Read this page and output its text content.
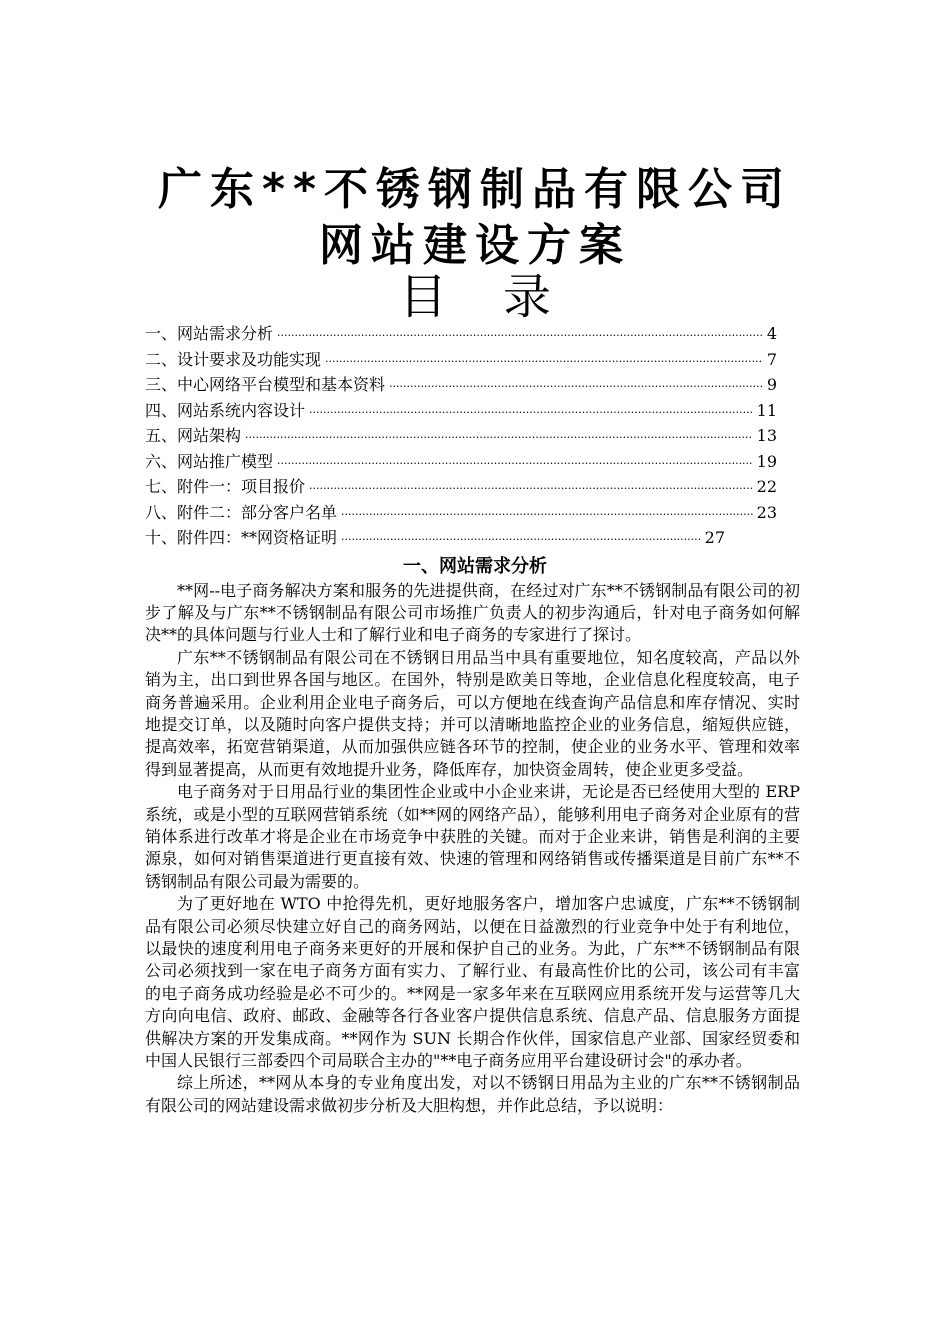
广东**不锈钢制品有限公司
网站建设方案
目录
一、网站需求分析 ·····	4
二、设计要求及功能实现 ·····	7
三、中心网络平台模型和基本资料 ·····	9
四、网站系统内容设计 ·····	11
五、网站架构 ·····	13
六、网站推广模型 ·····	19
七、附件一：项目报价 ·····	22
八、附件二：部分客户名单 ·····	23
十、附件四：**网资格证明 ·····	27
一、网站需求分析

**网--电子商务解决方案和服务的先进提供商，在经过对广东**不锈钢制品有限公司的初步了解及与广东**不锈钢制品有限公司市场推广负责人的初步沟通后，针对电子商务如何解决**的具体问题与行业人士和了解行业和电子商务的专家进行了探讨。

广东**不锈钢制品有限公司在不锈钢日用品当中具有重要地位，知名度较高，产品以外销为主，出口到世界各国与地区。在国外，特别是欧美日等地，企业信息化程度较高，电子商务普遍采用。企业利用企业电子商务后，可以方便地在线查询产品信息和库存情况、实时地提交订单，以及随时向客户提供支持；并可以清晰地监控企业的业务信息，缩短供应链，提高效率，拓宽营销渠道，从而加强供应链各环节的控制，使企业的业务水平、管理和效率得到显著提高，从而更有效地提升业务，降低库存，加快资金周转，使企业更多受益。

电子商务对于日用品行业的集团性企业或中小企业来讲，无论是否已经使用大型的 ERP 系统，或是小型的互联网营销系统（如**网的网络产品），能够利用电子商务对企业原有的营销体系进行改革才将是企业在市场竞争中获胜的关键。而对于企业来讲，销售是利润的主要源泉，如何对销售渠道进行更直接有效、快速的管理和网络销售或传播渠道是目前广东**不锈钢制品有限公司最为需要的。

为了更好地在 WTO 中抢得先机，更好地服务客户，增加客户忠诚度，广东**不锈钢制品有限公司必须尽快建立好自己的商务网站，以便在日益激烈的行业竞争中处于有利地位，以最快的速度利用电子商务来更好的开展和保护自己的业务。为此，广东**不锈钢制品有限公司必须找到一家在电子商务方面有实力、了解行业、有最高性价比的公司，该公司有丰富的电子商务成功经验是必不可少的。**网是一家多年来在互联网应用系统开发与运营等几大方向向电信、政府、邮政、金融等各行各业客户提供信息系统、信息产品、信息服务方面提供解决方案的开发集成商。**网作为 SUN 长期合作伙伴，国家信息产业部、国家经贸委和中国人民银行三部委四个司局联合主办的"**电子商务应用平台建设研讨会"的承办者。

综上所述，**网从本身的专业角度出发，对以不锈钢日用品为主业的广东**不锈钢制品有限公司的网站建设需求做初步分析及大胆构想，并作此总结，予以说明：
